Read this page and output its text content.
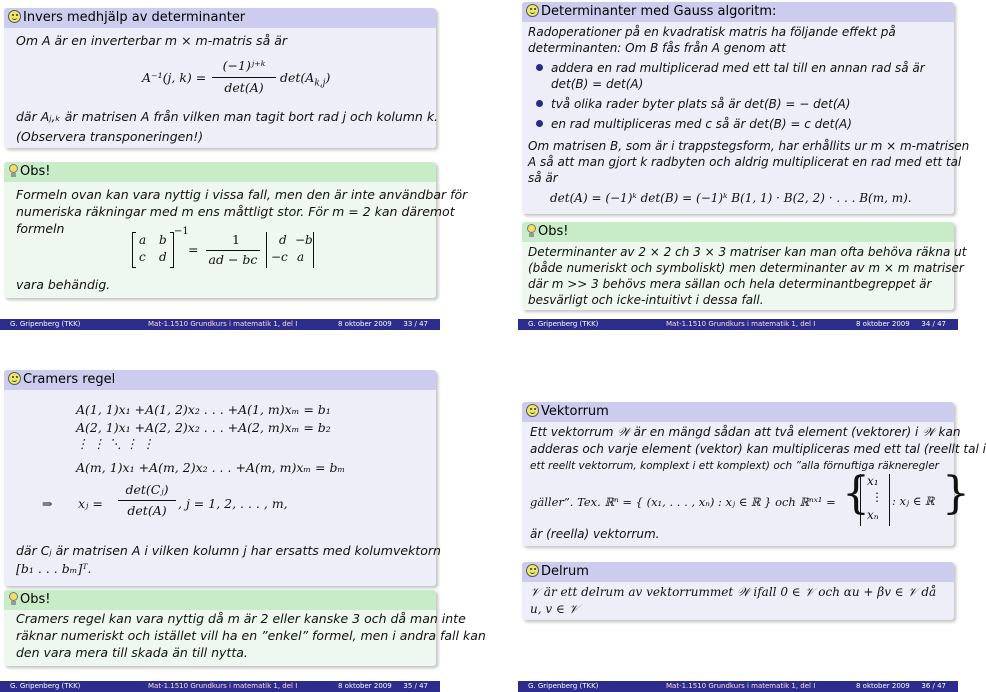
Invers medhjälp av determinanter
Om A är en inverterbar m × m-matris så är
A⁻¹(j, k) =
(−1)ʲ⁺ᵏ
det(A)
$\det(A_{k,j})$
där Aⱼ,ₖ är matrisen A från vilken man tagit bort rad j och kolumn k.
(Observera transponeringen!)
Obs!
Formeln ovan kan vara nyttig i vissa fall, men den är inte användbar för
numeriska räkningar med m ens måttligt stor. För m = 2 kan däremot
formeln
a b
c d
−1
=
1
ad − bc
d −b
−c a
vara behändig.
G. Gripenberg (TKK)	Mat-1.1510 Grundkurs i matematik 1, del I	8 oktober 2009 33 / 47
Determinanter med Gauss algoritm:
Radoperationer på en kvadratisk matris ha följande effekt på
determinanten: Om B fås från A genom att
addera en rad multiplicerad med ett tal till en annan rad så är
det(B) = det(A)
två olika rader byter plats så är det(B) = − det(A)
en rad multipliceras med c så är det(B) = c det(A)
Om matrisen B, som är i trappstegsform, har erhållits ur m × m-matrisen
A så att man gjort k radbyten och aldrig multiplicerat en rad med ett tal
så är
det(A) = (−1)ᵏ det(B) = (−1)ᵏ B(1, 1) · B(2, 2) · . . . B(m, m).
Obs!
Determinanter av 2 × 2 ch 3 × 3 matriser kan man ofta behöva räkna ut
(både numeriskt och symboliskt) men determinanter av m × m matriser
där m >> 3 behövs mera sällan och hela determinantbegreppet är
besvärligt och icke-intuitivt i dessa fall.
G. Gripenberg (TKK)	Mat-1.1510 Grundkurs i matematik 1, del I	8 oktober 2009 34 / 47
Cramers regel
A(1, 1)x₁ +A(1, 2)x₂ . . . +A(1, m)xₘ = b₁
A(2, 1)x₁ +A(2, 2)x₂ . . . +A(2, m)xₘ = b₂
⋮ ⋮ ⋱ ⋮ ⋮
A(m, 1)x₁ +A(m, 2)x₂ . . . +A(m, m)xₘ = bₘ
⇒ xⱼ =
det(Cⱼ)
det(A) , j = 1, 2, . . . , m,
där Cⱼ är matrisen A i vilken kolumn j har ersatts med kolumvektorn
[b₁ . . . bₘ]ᵀ.
Obs!
Cramers regel kan vara nyttig då m är 2 eller kanske 3 och då man inte
räknar numeriskt och istället vill ha en ”enkel” formel, men i andra fall kan
den vara mera till skada än till nytta.
G. Gripenberg (TKK)	Mat-1.1510 Grundkurs i matematik 1, del I	8 oktober 2009 35 / 47
Vektorrum
Ett vektorrum 𝒲 är en mängd sådan att två element (vektorer) i 𝒲 kan
adderas och varje element (vektor) kan multipliceras med ett tal (reellt tal i
ett reellt vektorrum, komplext i ett komplext) och ”alla förnuftiga räkneregler
gäller”. Tex. ℝⁿ = { (x₁, . . . , xₙ) : xⱼ ∈ ℝ } och ℝⁿˣ¹ = {
x₁
⋮
xₙ
: xⱼ ∈ ℝ }
är (reella) vektorrum.
Delrum
𝒱 är ett delrum av vektorrummet 𝒲 ifall 0 ∈ 𝒱 och αu + βv ∈ 𝒱 då
u, v ∈ 𝒱
G. Gripenberg (TKK)	Mat-1.1510 Grundkurs i matematik 1, del I	8 oktober 2009 36 / 47
